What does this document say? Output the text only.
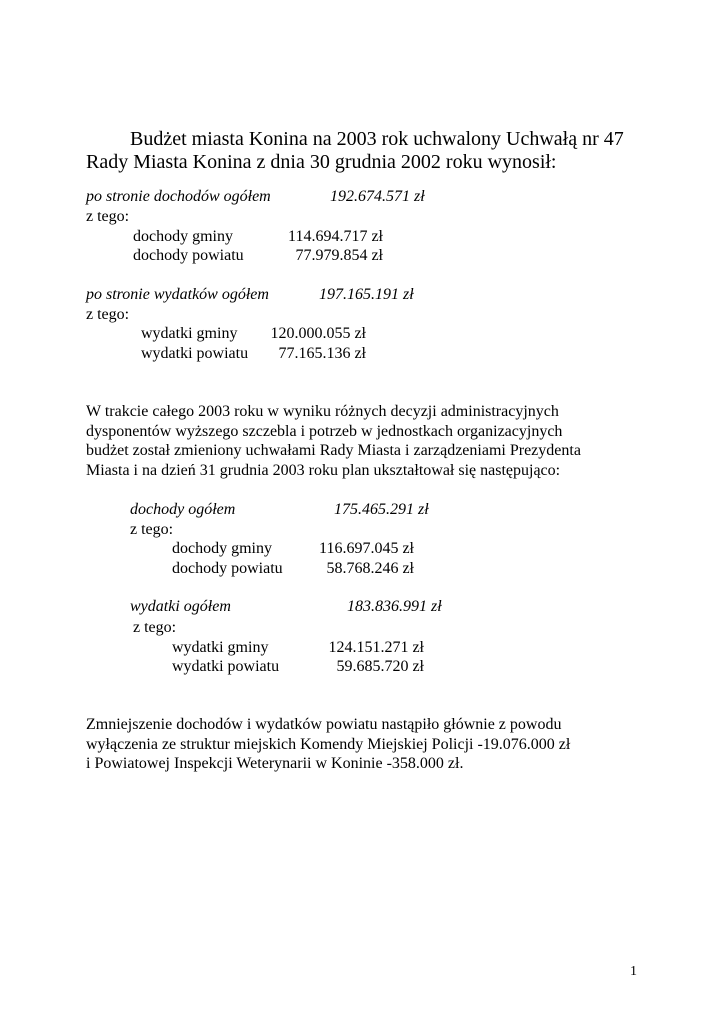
Budżet miasta Konina na 2003 rok uchwalony Uchwałą nr 47

Rady Miasta Konina z dnia 30 grudnia 2002 roku wynosił:

po stronie dochodów ogółem	192.674.571 zł

z tego:

dochody gminy	114.694.717 zł

dochody powiatu	77.979.854 zł

po stronie wydatków ogółem	197.165.191 zł

z tego:

wydatki gminy	120.000.055 zł

wydatki powiatu	77.165.136 zł

W trakcie całego 2003 roku w wyniku różnych decyzji administracyjnych

dysponentów wyższego szczebla i potrzeb w jednostkach organizacyjnych

budżet został zmieniony uchwałami Rady Miasta i zarządzeniami Prezydenta

Miasta i na dzień 31 grudnia 2003 roku plan ukształtował się następująco:

dochody ogółem	175.465.291 zł

z tego:

dochody gminy	116.697.045 zł

dochody powiatu	58.768.246 zł

wydatki ogółem	183.836.991 zł

z tego:

wydatki gminy	124.151.271 zł

wydatki powiatu	59.685.720 zł

Zmniejszenie dochodów i wydatków powiatu nastąpiło głównie z powodu

wyłączenia ze struktur miejskich Komendy Miejskiej Policji -19.076.000 zł

i Powiatowej Inspekcji Weterynarii w Koninie -358.000 zł.

1
